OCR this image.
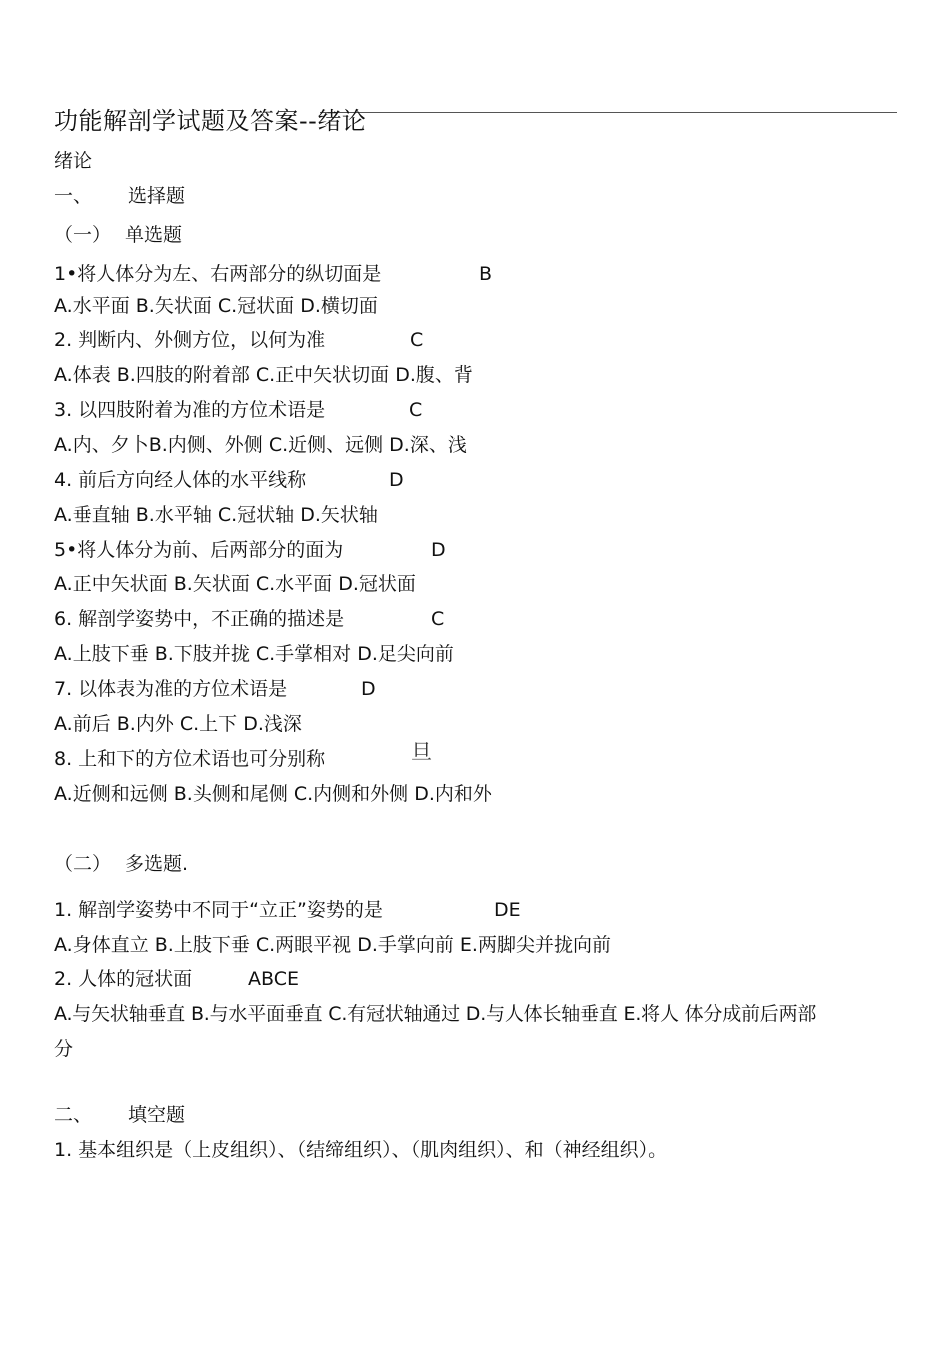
功能解剖学试题及答案--绪论
绪论
一、 选择题
（一） 单选题
1•将人体分为左、右两部分的纵切面是	B
A.水平面 B.矢状面 C.冠状面 D.横切面
2. 判断内、外侧方位，以何为准	C
A.体表 B.四肢的附着部 C.正中矢状切面 D.腹、背
3. 以四肢附着为准的方位术语是	C
A.内、夕卜B.内侧、外侧 C.近侧、远侧 D.深、浅
4. 前后方向经人体的水平线称	D
A.垂直轴 B.水平轴 C.冠状轴 D.矢状轴
5•将人体分为前、后两部分的面为	D
A.正中矢状面 B.矢状面 C.水平面 D.冠状面
6. 解剖学姿势中，不正确的描述是	C
A.上肢下垂 B.下肢并拢 C.手掌相对 D.足尖向前
7. 以体表为准的方位术语是	D
A.前后 B.内外 C.上下 D.浅深
8. 上和下的方位术语也可分别称	旦
A.近侧和远侧 B.头侧和尾侧 C.内侧和外侧 D.内和外
（二） 多选题.
1. 解剖学姿势中不同于“立正”姿势的是	DE
A.身体直立 B.上肢下垂 C.两眼平视 D.手掌向前 E.两脚尖并拢向前
2. 人体的冠状面	ABCE
A.与矢状轴垂直 B.与水平面垂直 C.有冠状轴通过 D.与人体长轴垂直 E.将人 体分成前后两部
分
二、 填空题
1. 基本组织是（上皮组织）、（结缔组织）、（肌肉组织）、和（神经组织）。
